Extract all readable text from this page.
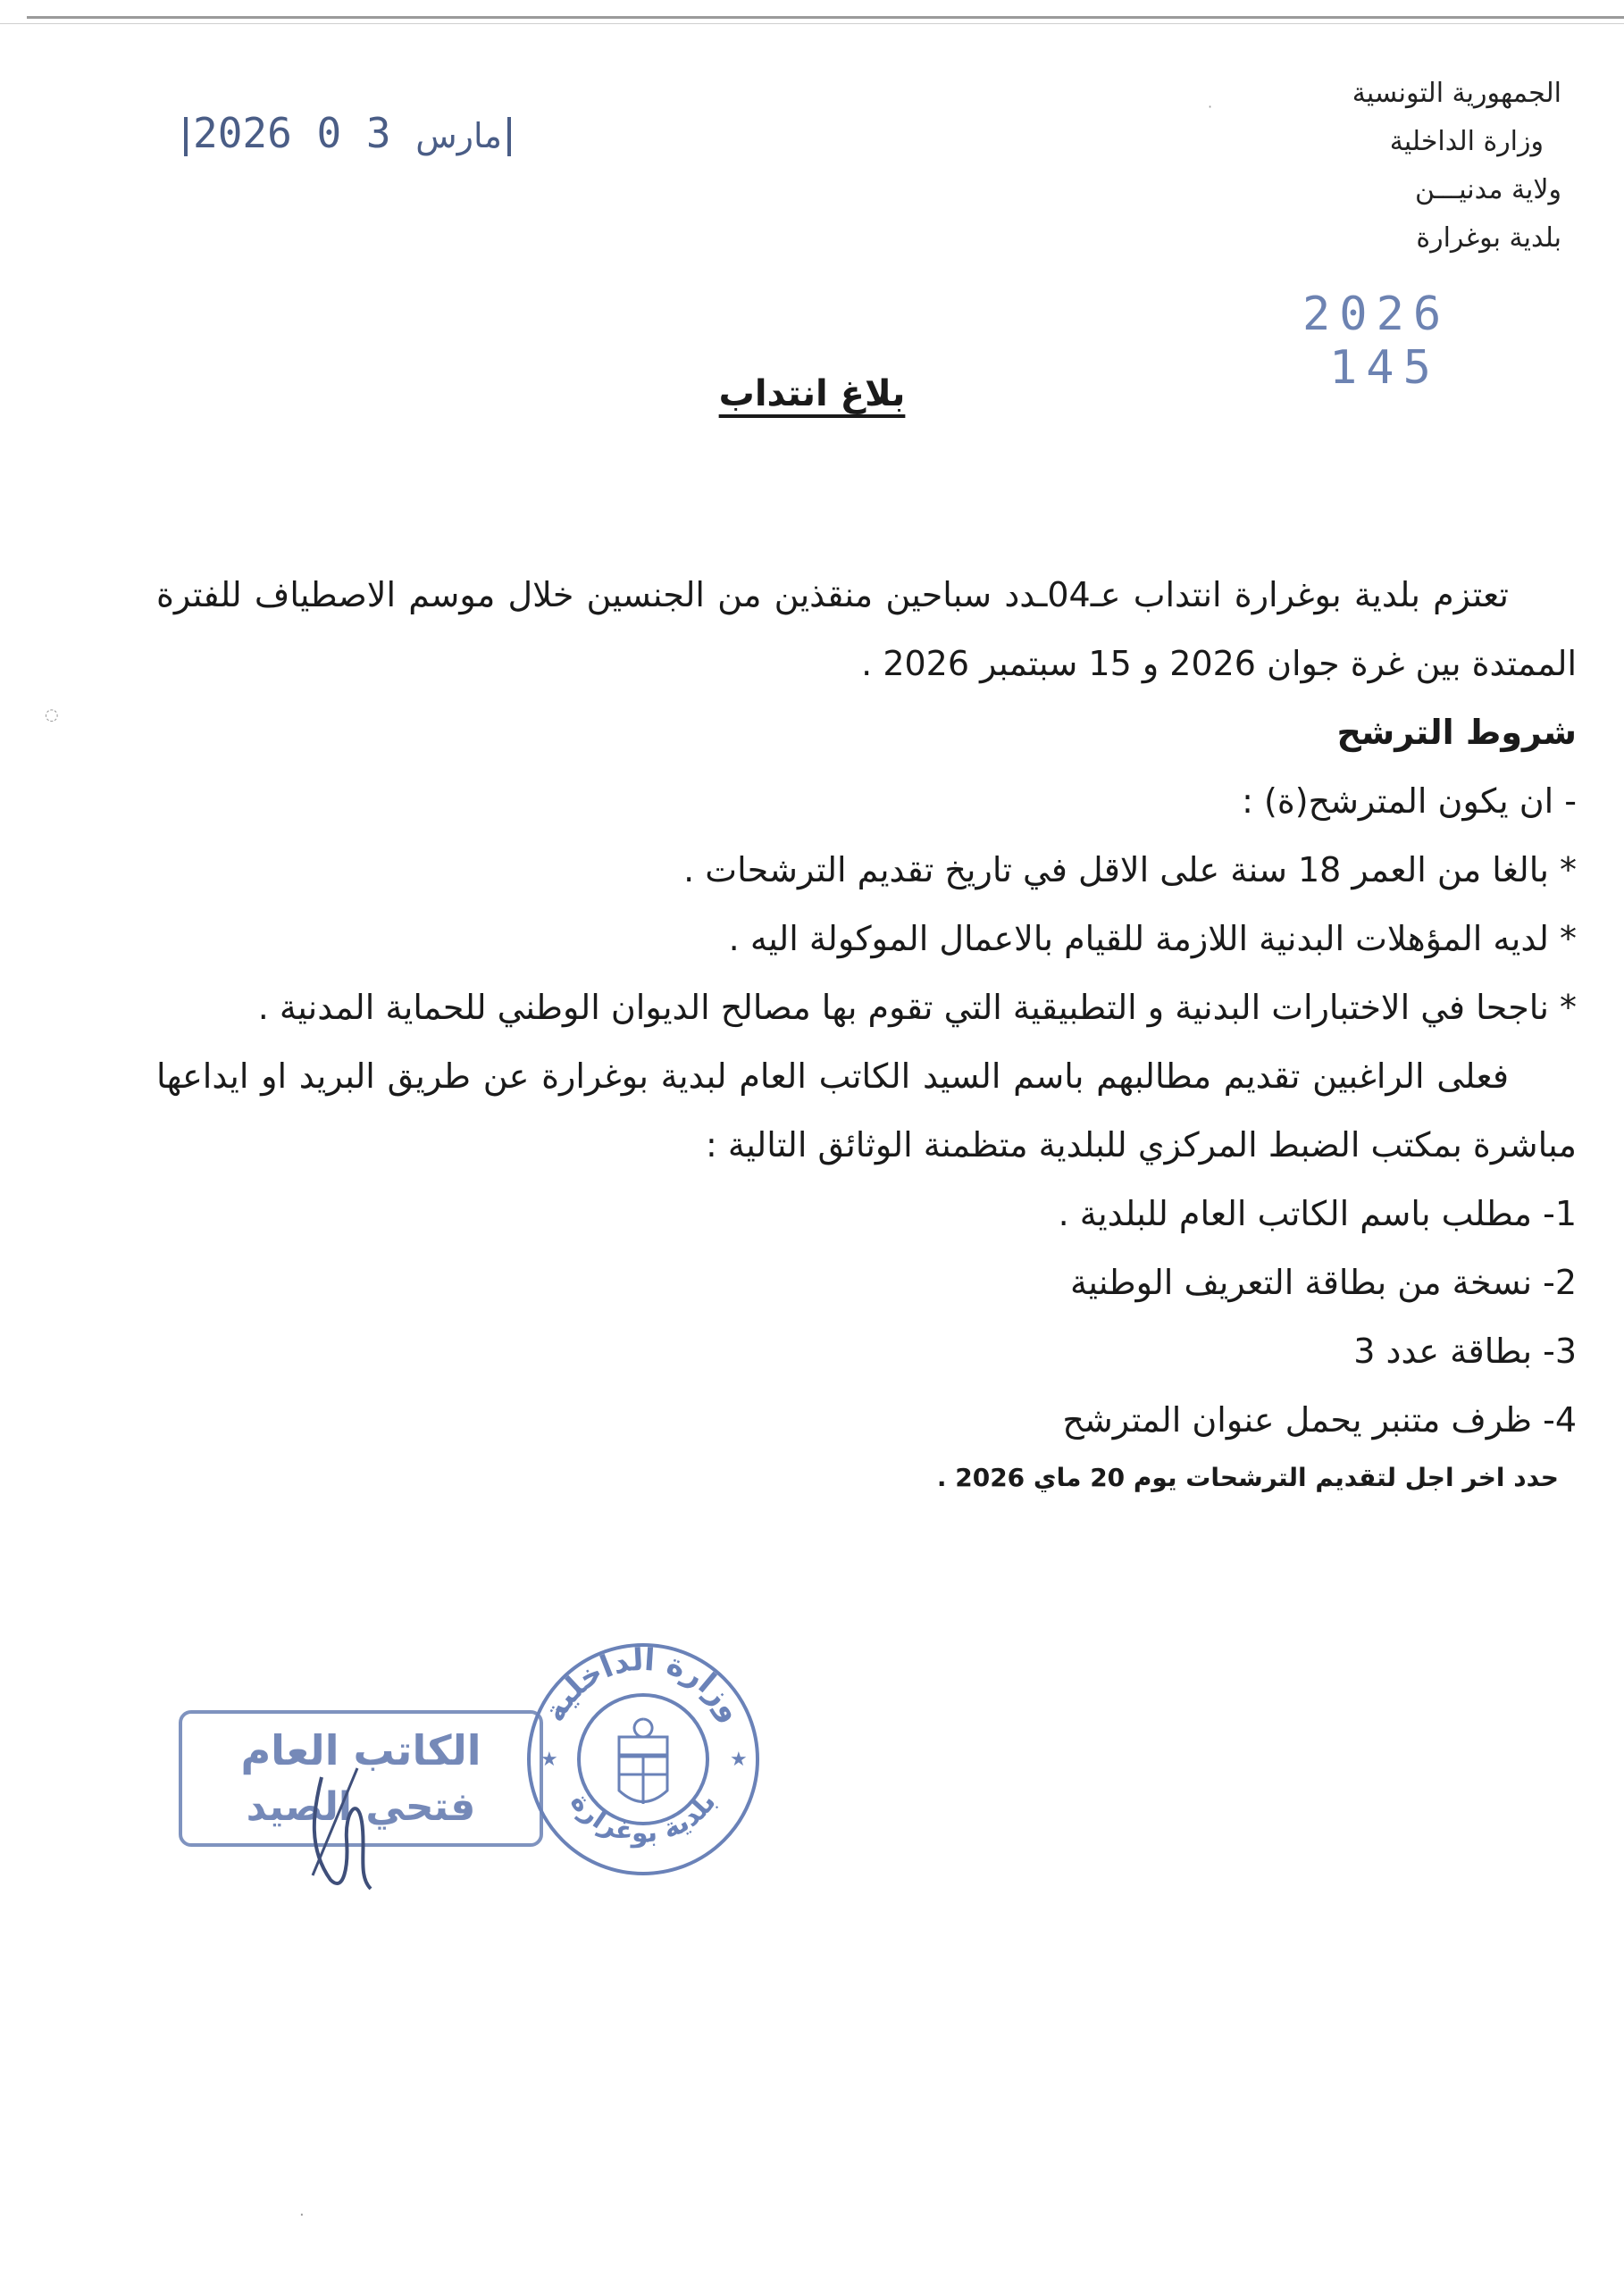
الجمهورية التونسية
وزارة الداخلية
ولاية مدنيـــن
بلدية بوغرارة
2026	مارس 3 0
2026 145
بلاغ انتداب

تعتزم بلدية بوغرارة انتداب عـ04ـدد سباحين منقذين من الجنسين خلال موسم الاصطياف للفترة الممتدة بين غرة جوان 2026 و 15 سبتمبر 2026 .

شروط الترشح

- ان يكون المترشح(ة) :

* بالغا من العمر 18 سنة على الاقل في تاريخ تقديم الترشحات .

* لديه المؤهلات البدنية اللازمة للقيام بالاعمال الموكولة اليه .

* ناجحا في الاختبارات البدنية و التطبيقية التي تقوم بها مصالح الديوان الوطني للحماية المدنية .

فعلى الراغبين تقديم مطالبهم باسم السيد الكاتب العام لبدية بوغرارة عن طريق البريد او ايداعها مباشرة بمكتب الضبط المركزي للبلدية متظمنة الوثائق التالية :

1- مطلب باسم الكاتب العام للبلدية .

2- نسخة من بطاقة التعريف الوطنية

3- بطاقة عدد 3

4- ظرف متنبر يحمل عنوان المترشح

حدد اخر اجل لتقديم الترشحات يوم 20 ماي 2026 .

الكاتب العام
فتحي الصيد
وزارة الداخلية
بلدية بوغرارة
★	★
·
◌
·
